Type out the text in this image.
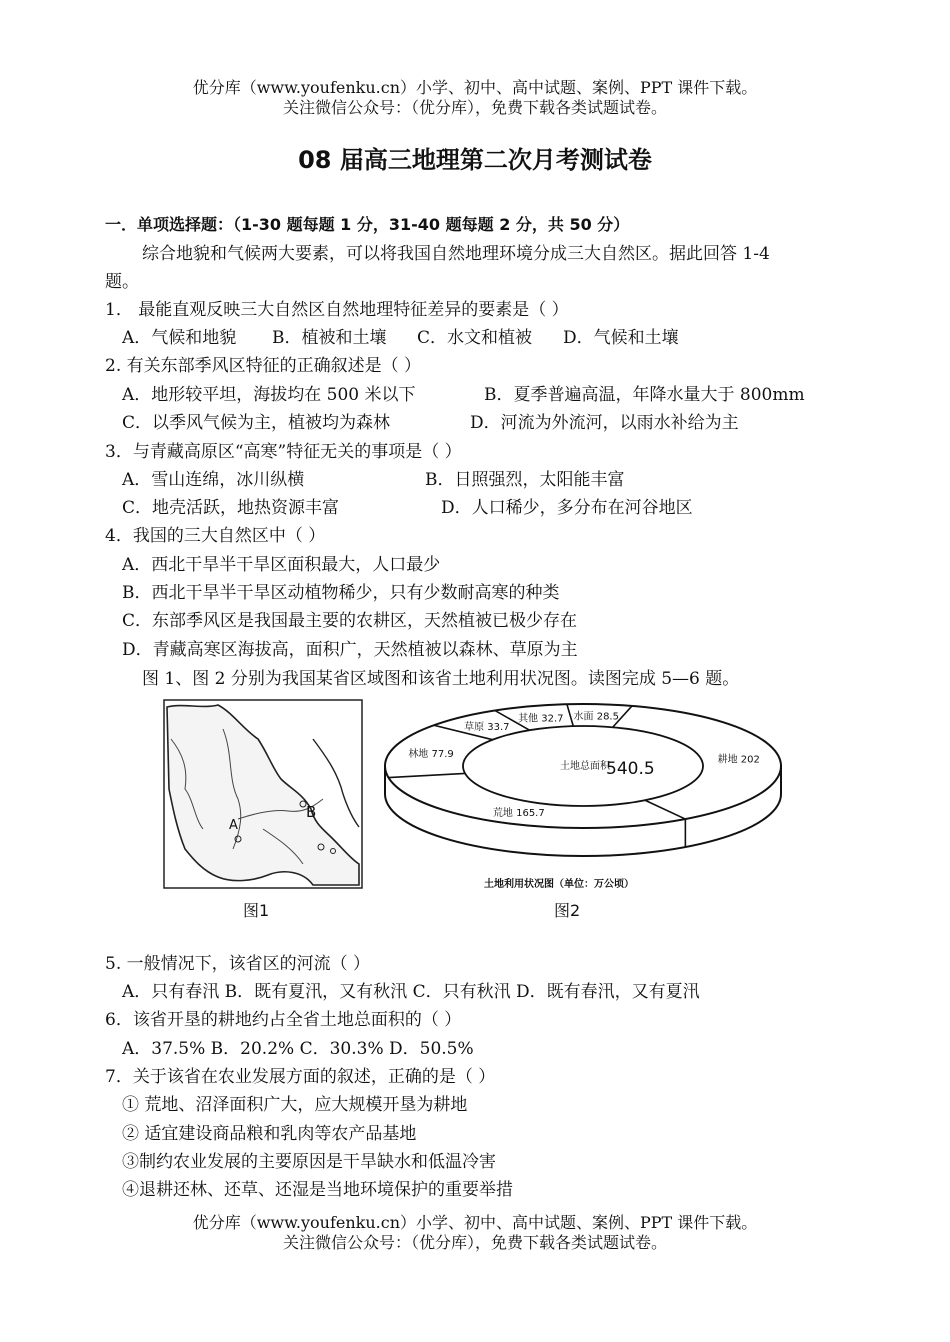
优分库（www.youfenku.cn）小学、初中、高中试题、案例、PPT 课件下载。
关注微信公众号：（优分库），免费下载各类试题试卷。
08 届高三地理第二次月考测试卷
一．单项选择题：（1-30 题每题 1 分，31-40 题每题 2 分，共 50 分）
综合地貌和气候两大要素，可以将我国自然地理环境分成三大自然区。据此回答 1-4
题。
1． 最能直观反映三大自然区自然地理特征差异的要素是（ ）
A．气候和地貌 B．植被和土壤 C．水文和植被 D．气候和土壤
2. 有关东部季风区特征的正确叙述是（ ）
A．地形较平坦，海拔均在 500 米以下	B．夏季普遍高温，年降水量大于 800mm
C．以季风气候为主，植被均为森林	D．河流为外流河，以雨水补给为主
3．与青藏高原区“高寒”特征无关的事项是（ ）
A．雪山连绵，冰川纵横	B．日照强烈，太阳能丰富
C．地壳活跃，地热资源丰富	D．人口稀少，多分布在河谷地区
4．我国的三大自然区中（ ）
A．西北干旱半干旱区面积最大，人口最少
B．西北干旱半干旱区动植物稀少，只有少数耐高寒的种类
C．东部季风区是我国最主要的农耕区，天然植被已极少存在
D．青藏高寒区海拔高，面积广，天然植被以森林、草原为主
图 1、图 2 分别为我国某省区域图和该省土地利用状况图。读图完成 5—6 题。
A
B
图1
耕地 202
荒地 165.7
林地 77.9
草原 33.7
其他 32.7 水面 28.5
土地总面积
540.5
土地利用状况图（单位：万公顷）
图2
5. 一般情况下，该省区的河流（ ）
A．只有春汛 B．既有夏汛，又有秋汛 C．只有秋汛 D．既有春汛，又有夏汛
6．该省开垦的耕地约占全省土地总面积的（ ）
A．37.5% B．20.2% C．30.3% D．50.5%
7．关于该省在农业发展方面的叙述，正确的是（ ）
① 荒地、沼泽面积广大，应大规模开垦为耕地
② 适宜建设商品粮和乳肉等农产品基地
③制约农业发展的主要原因是干旱缺水和低温冷害
④退耕还林、还草、还湿是当地环境保护的重要举措
优分库（www.youfenku.cn）小学、初中、高中试题、案例、PPT 课件下载。
关注微信公众号：（优分库），免费下载各类试题试卷。
